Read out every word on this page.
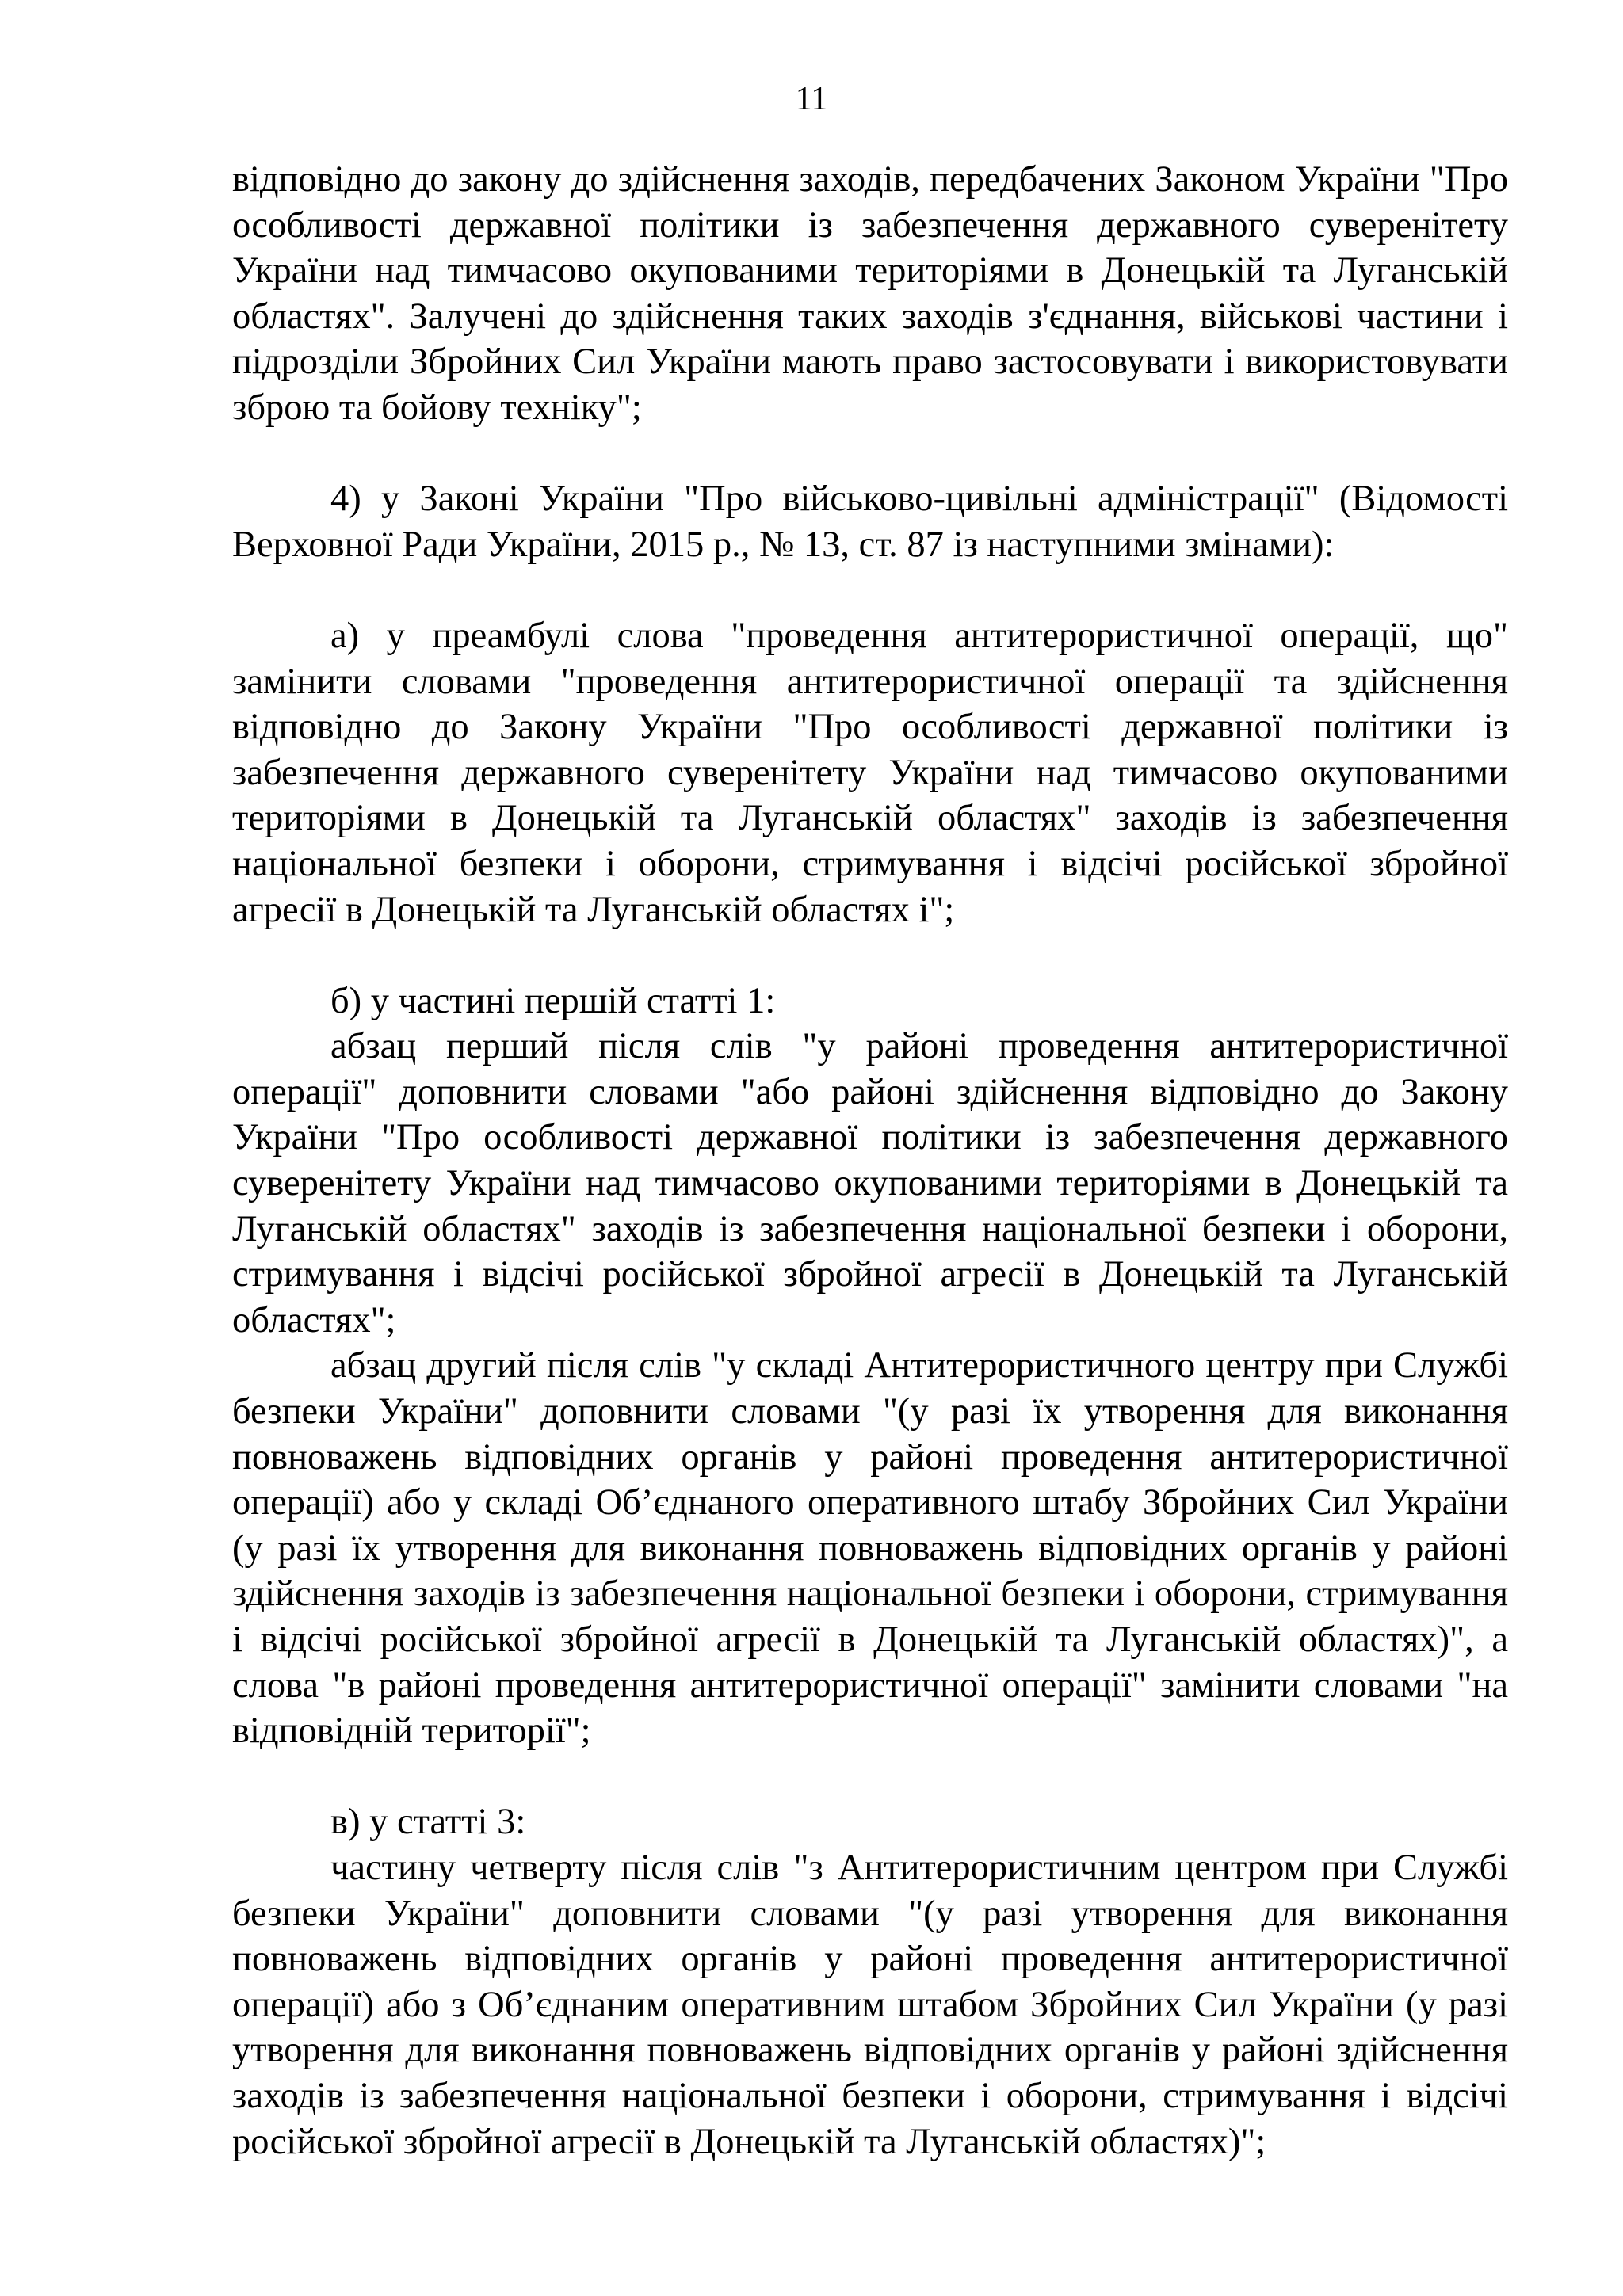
11

відповідно до закону до здійснення заходів, передбачених Законом України "Про особливості державної політики із забезпечення державного суверенітету України над тимчасово окупованими територіями в Донецькій та Луганській областях". Залучені до здійснення таких заходів з'єднання, військові частини і підрозділи Збройних Сил України мають право застосовувати і використовувати зброю та бойову техніку";

4) у Законі України "Про військово-цивільні адміністрації" (Відомості Верховної Ради України, 2015 р., № 13, ст. 87 із наступними змінами):

а) у преамбулі слова "проведення антитерористичної операції, що" замінити словами "проведення антитерористичної операції та здійснення відповідно до Закону України "Про особливості державної політики із забезпечення державного суверенітету України над тимчасово окупованими територіями в Донецькій та Луганській областях" заходів із забезпечення національної безпеки і оборони, стримування і відсічі російської збройної агресії в Донецькій та Луганській областях і";

б) у частині першій статті 1:

абзац перший після слів "у районі проведення антитерористичної операції" доповнити словами "або районі здійснення відповідно до Закону України "Про особливості державної політики із забезпечення державного суверенітету України над тимчасово окупованими територіями в Донецькій та Луганській областях" заходів із забезпечення національної безпеки і оборони, стримування і відсічі російської збройної агресії в Донецькій та Луганській областях";

абзац другий після слів "у складі Антитерористичного центру при Службі безпеки України" доповнити словами "(у разі їх утворення для виконання повноважень відповідних органів у районі проведення антитерористичної операції) або у складі Об’єднаного оперативного штабу Збройних Сил України (у разі їх утворення для виконання повноважень відповідних органів у районі здійснення заходів із забезпечення національної безпеки і оборони, стримування і відсічі російської збройної агресії в Донецькій та Луганській областях)", а слова "в районі проведення антитерористичної операції" замінити словами "на відповідній території";

в) у статті 3:

частину четверту після слів "з Антитерористичним центром при Службі безпеки України" доповнити словами "(у разі утворення для виконання повноважень відповідних органів у районі проведення антитерористичної операції) або з Об’єднаним оперативним штабом Збройних Сил України (у разі утворення для виконання повноважень відповідних органів у районі здійснення заходів із забезпечення національної безпеки і оборони, стримування і відсічі російської збройної агресії в Донецькій та Луганській областях)";
